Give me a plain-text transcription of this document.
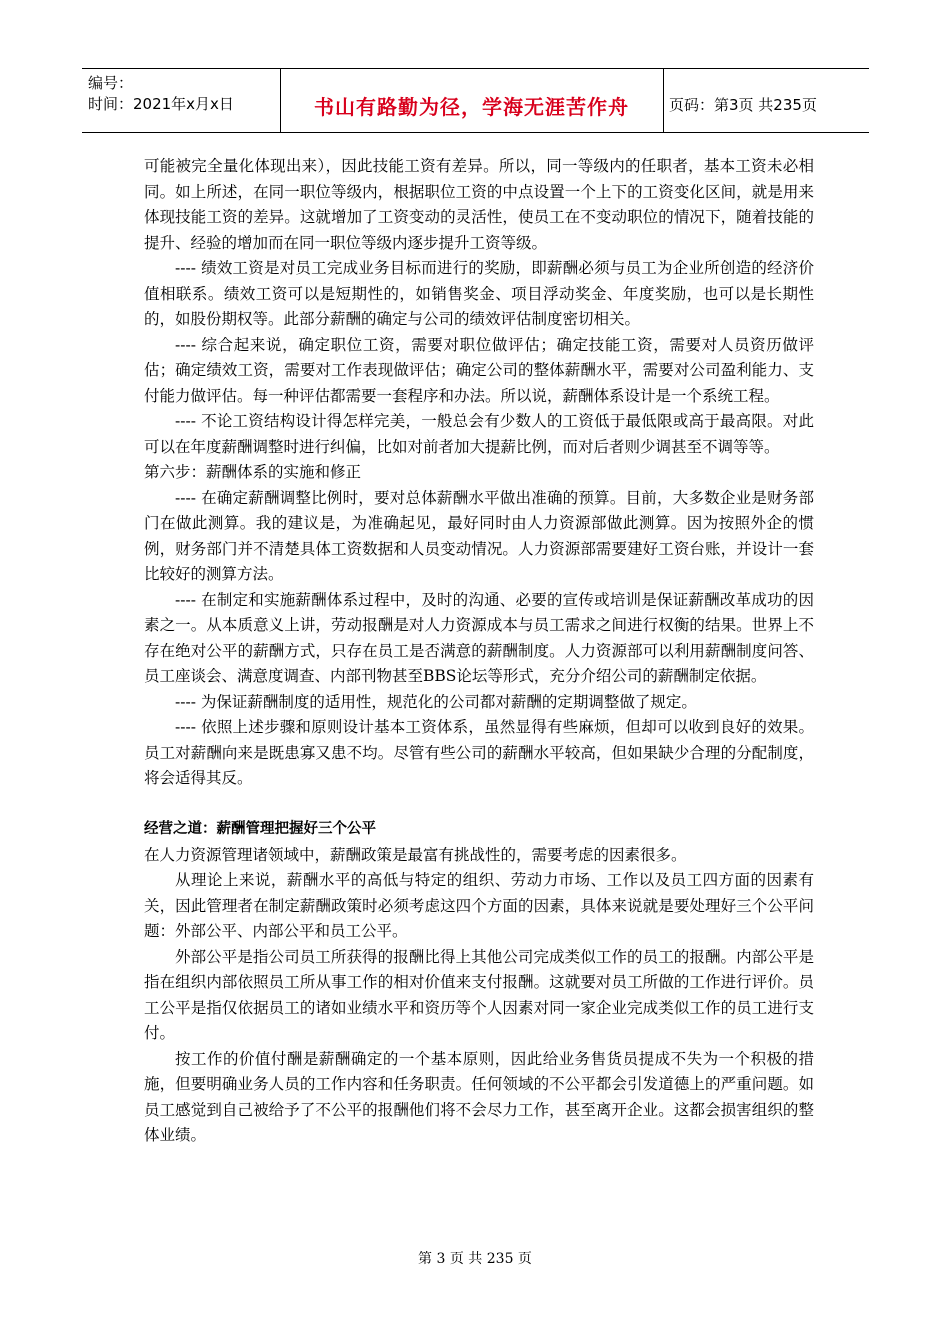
编号：
时间：2021年x月x日	书山有路勤为径，学海无涯苦作舟	页码：第3页 共235页

可能被完全量化体现出来），因此技能工资有差异。所以，同一等级内的任职者，基本工资未必相同。如上所述，在同一职位等级内，根据职位工资的中点设置一个上下的工资变化区间，就是用来体现技能工资的差异。这就增加了工资变动的灵活性，使员工在不变动职位的情况下，随着技能的提升、经验的增加而在同一职位等级内逐步提升工资等级。

---- 绩效工资是对员工完成业务目标而进行的奖励，即薪酬必须与员工为企业所创造的经济价值相联系。绩效工资可以是短期性的，如销售奖金、项目浮动奖金、年度奖励，也可以是长期性的，如股份期权等。此部分薪酬的确定与公司的绩效评估制度密切相关。

---- 综合起来说，确定职位工资，需要对职位做评估；确定技能工资，需要对人员资历做评估；确定绩效工资，需要对工作表现做评估；确定公司的整体薪酬水平，需要对公司盈利能力、支付能力做评估。每一种评估都需要一套程序和办法。所以说，薪酬体系设计是一个系统工程。

---- 不论工资结构设计得怎样完美，一般总会有少数人的工资低于最低限或高于最高限。对此可以在年度薪酬调整时进行纠偏，比如对前者加大提薪比例，而对后者则少调甚至不调等等。

第六步：薪酬体系的实施和修正

---- 在确定薪酬调整比例时，要对总体薪酬水平做出准确的预算。目前，大多数企业是财务部门在做此测算。我的建议是，为准确起见，最好同时由人力资源部做此测算。因为按照外企的惯例，财务部门并不清楚具体工资数据和人员变动情况。人力资源部需要建好工资台账，并设计一套比较好的测算方法。

---- 在制定和实施薪酬体系过程中，及时的沟通、必要的宣传或培训是保证薪酬改革成功的因素之一。从本质意义上讲，劳动报酬是对人力资源成本与员工需求之间进行权衡的结果。世界上不存在绝对公平的薪酬方式，只存在员工是否满意的薪酬制度。人力资源部可以利用薪酬制度问答、员工座谈会、满意度调查、内部刊物甚至BBS论坛等形式，充分介绍公司的薪酬制定依据。

---- 为保证薪酬制度的适用性，规范化的公司都对薪酬的定期调整做了规定。

---- 依照上述步骤和原则设计基本工资体系，虽然显得有些麻烦，但却可以收到良好的效果。员工对薪酬向来是既患寡又患不均。尽管有些公司的薪酬水平较高，但如果缺少合理的分配制度，将会适得其反。

经营之道：薪酬管理把握好三个公平

在人力资源管理诸领域中，薪酬政策是最富有挑战性的，需要考虑的因素很多。

从理论上来说，薪酬水平的高低与特定的组织、劳动力市场、工作以及员工四方面的因素有关，因此管理者在制定薪酬政策时必须考虑这四个方面的因素，具体来说就是要处理好三个公平问题：外部公平、内部公平和员工公平。

外部公平是指公司员工所获得的报酬比得上其他公司完成类似工作的员工的报酬。内部公平是指在组织内部依照员工所从事工作的相对价值来支付报酬。这就要对员工所做的工作进行评价。员工公平是指仅依据员工的诸如业绩水平和资历等个人因素对同一家企业完成类似工作的员工进行支付。

按工作的价值付酬是薪酬确定的一个基本原则，因此给业务售货员提成不失为一个积极的措施，但要明确业务人员的工作内容和任务职责。任何领域的不公平都会引发道德上的严重问题。如员工感觉到自己被给予了不公平的报酬他们将不会尽力工作，甚至离开企业。这都会损害组织的整体业绩。

第 3 页 共 235 页
